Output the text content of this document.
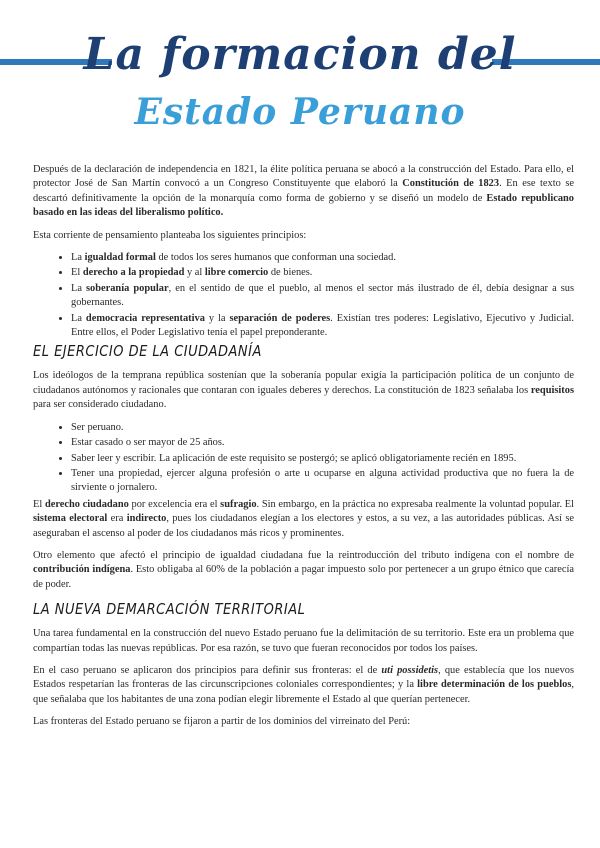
La formacion del
Estado Peruano

Después de la declaración de independencia en 1821, la élite política peruana se abocó a la construcción del Estado. Para ello, el protector José de San Martín convocó a un Congreso Constituyente que elaboró la Constitución de 1823. En ese texto se descartó definitivamente la opción de la monarquía como forma de gobierno y se diseñó un modelo de Estado republicano basado en las ideas del liberalismo político.

Esta corriente de pensamiento planteaba los siguientes principios:

• La igualdad formal de todos los seres humanos que conforman una sociedad.
• El derecho a la propiedad y al libre comercio de bienes.
• La soberanía popular, en el sentido de que el pueblo, al menos el sector más ilustrado de él, debía designar a sus gobernantes.
• La democracia representativa y la separación de poderes. Existían tres poderes: Legislativo, Ejecutivo y Judicial. Entre ellos, el Poder Legislativo tenía el papel preponderante.
EL EJERCICIO DE LA CIUDADANÍA

Los ideólogos de la temprana república sostenían que la soberanía popular exigía la participación política de un conjunto de ciudadanos autónomos y racionales que contaran con iguales deberes y derechos. La constitución de 1823 señalaba los requisitos para ser considerado ciudadano.

• Ser peruano.
• Estar casado o ser mayor de 25 años.
• Saber leer y escribir. La aplicación de este requisito se postergó; se aplicó obligatoriamente recién en 1895.
• Tener una propiedad, ejercer alguna profesión o arte u ocuparse en alguna actividad productiva que no fuera la de sirviente o jornalero.

El derecho ciudadano por excelencia era el sufragio. Sin embargo, en la práctica no expresaba realmente la voluntad popular. El sistema electoral era indirecto, pues los ciudadanos elegían a los electores y estos, a su vez, a las autoridades públicas. Así se aseguraban el ascenso al poder de los ciudadanos más ricos y prominentes.

Otro elemento que afectó el principio de igualdad ciudadana fue la reintroducción del tributo indígena con el nombre de contribución indígena. Esto obligaba al 60% de la población a pagar impuesto solo por pertenecer a un grupo étnico que carecía de poder.

LA NUEVA DEMARCACIÓN TERRITORIAL

Una tarea fundamental en la construcción del nuevo Estado peruano fue la delimitación de su territorio. Este era un problema que compartían todas las nuevas repúblicas. Por esa razón, se tuvo que fueran reconocidos por todos los países.

En el caso peruano se aplicaron dos principios para definir sus fronteras: el de uti possidetis, que establecía que los nuevos Estados respetarían las fronteras de las circunscripciones coloniales correspondientes; y la libre determinación de los pueblos, que señalaba que los habitantes de una zona podían elegir libremente el Estado al que querían pertenecer.

Las fronteras del Estado peruano se fijaron a partir de los dominios del virreinato del Perú:
